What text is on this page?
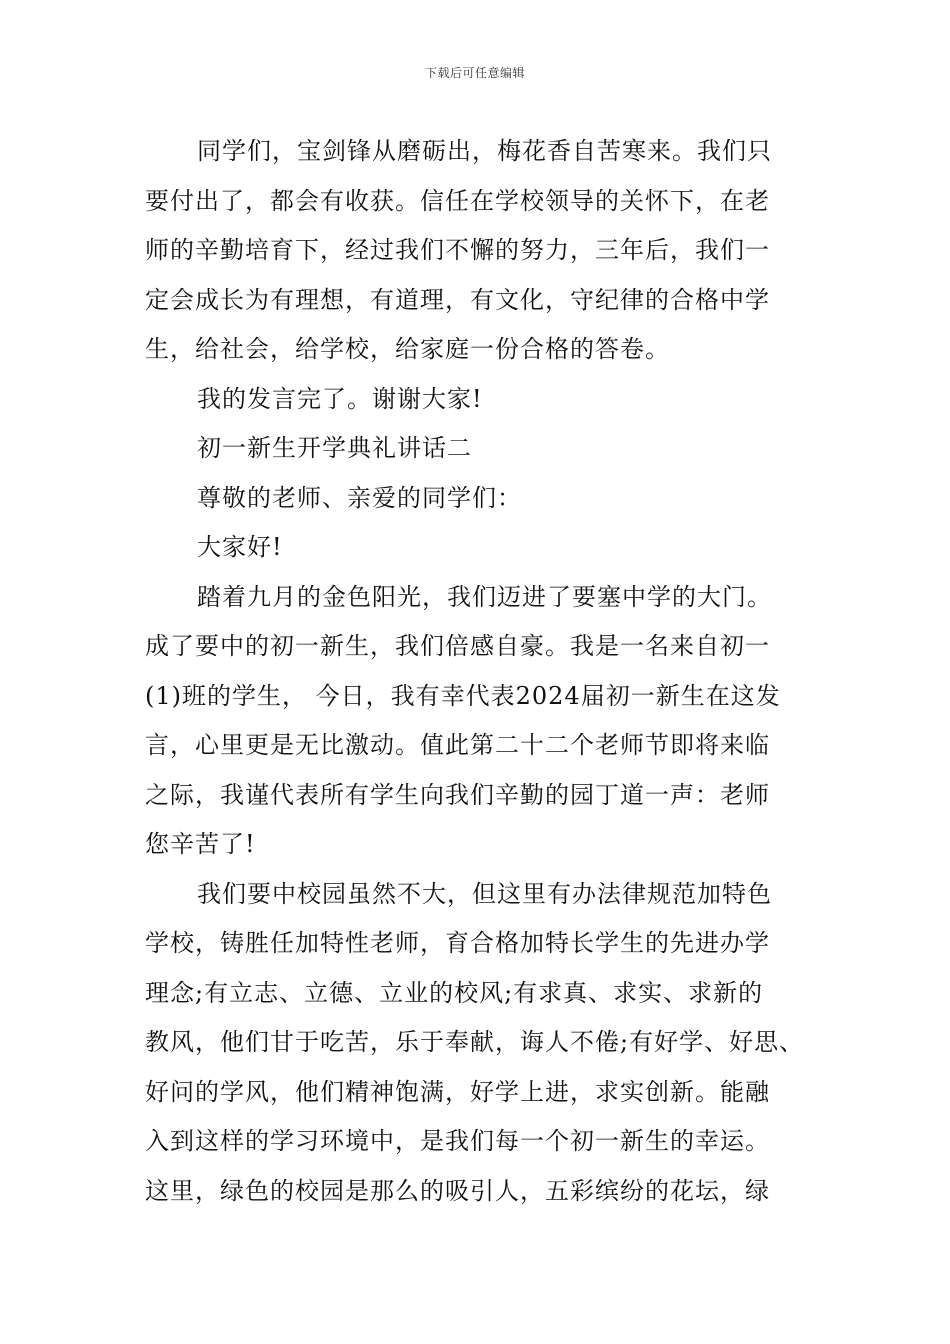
下载后可任意编辑
同学们，宝剑锋从磨砺出，梅花香自苦寒来。我们只
要付出了，都会有收获。信任在学校领导的关怀下，在老
师的辛勤培育下，经过我们不懈的努力，三年后，我们一
定会成长为有理想，有道理，有文化，守纪律的合格中学
生，给社会，给学校，给家庭一份合格的答卷。
我的发言完了。谢谢大家!
初一新生开学典礼讲话二
尊敬的老师、亲爱的同学们：
大家好!
踏着九月的金色阳光，我们迈进了要塞中学的大门。
成了要中的初一新生，我们倍感自豪。我是一名来自初一
(1)班的学生， 今日，我有幸代表2024届初一新生在这发
言，心里更是无比激动。值此第二十二个老师节即将来临
之际，我谨代表所有学生向我们辛勤的园丁道一声：老师
您辛苦了!
我们要中校园虽然不大，但这里有办法律规范加特色
学校，铸胜任加特性老师，育合格加特长学生的先进办学
理念;有立志、立德、立业的校风;有求真、求实、求新的
教风，他们甘于吃苦，乐于奉献，诲人不倦;有好学、好思、
好问的学风，他们精神饱满，好学上进，求实创新。能融
入到这样的学习环境中，是我们每一个初一新生的幸运。
这里，绿色的校园是那么的吸引人，五彩缤纷的花坛，绿
